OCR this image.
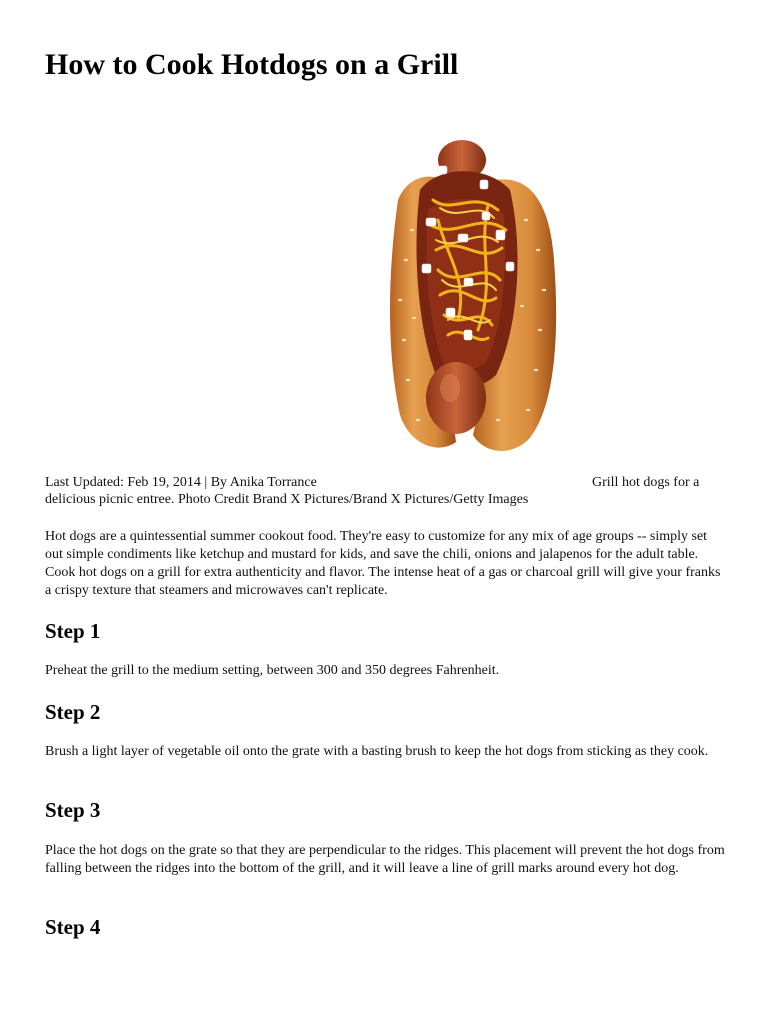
How to Cook Hotdogs on a Grill
Last Updated: Feb 19, 2014 | By Anika Torrance	Grill hot dogs for a
delicious picnic entree. Photo Credit Brand X Pictures/Brand X Pictures/Getty Images

Hot dogs are a quintessential summer cookout food. They're easy to customize for any mix of age groups -- simply set out simple condiments like ketchup and mustard for kids, and save the chili, onions and jalapenos for the adult table. Cook hot dogs on a grill for extra authenticity and flavor. The intense heat of a gas or charcoal grill will give your franks a crispy texture that steamers and microwaves can't replicate.

Step 1

Preheat the grill to the medium setting, between 300 and 350 degrees Fahrenheit.

Step 2

Brush a light layer of vegetable oil onto the grate with a basting brush to keep the hot dogs from sticking as they cook.

Step 3

Place the hot dogs on the grate so that they are perpendicular to the ridges. This placement will prevent the hot dogs from falling between the ridges into the bottom of the grill, and it will leave a line of grill marks around every hot dog.

Step 4
